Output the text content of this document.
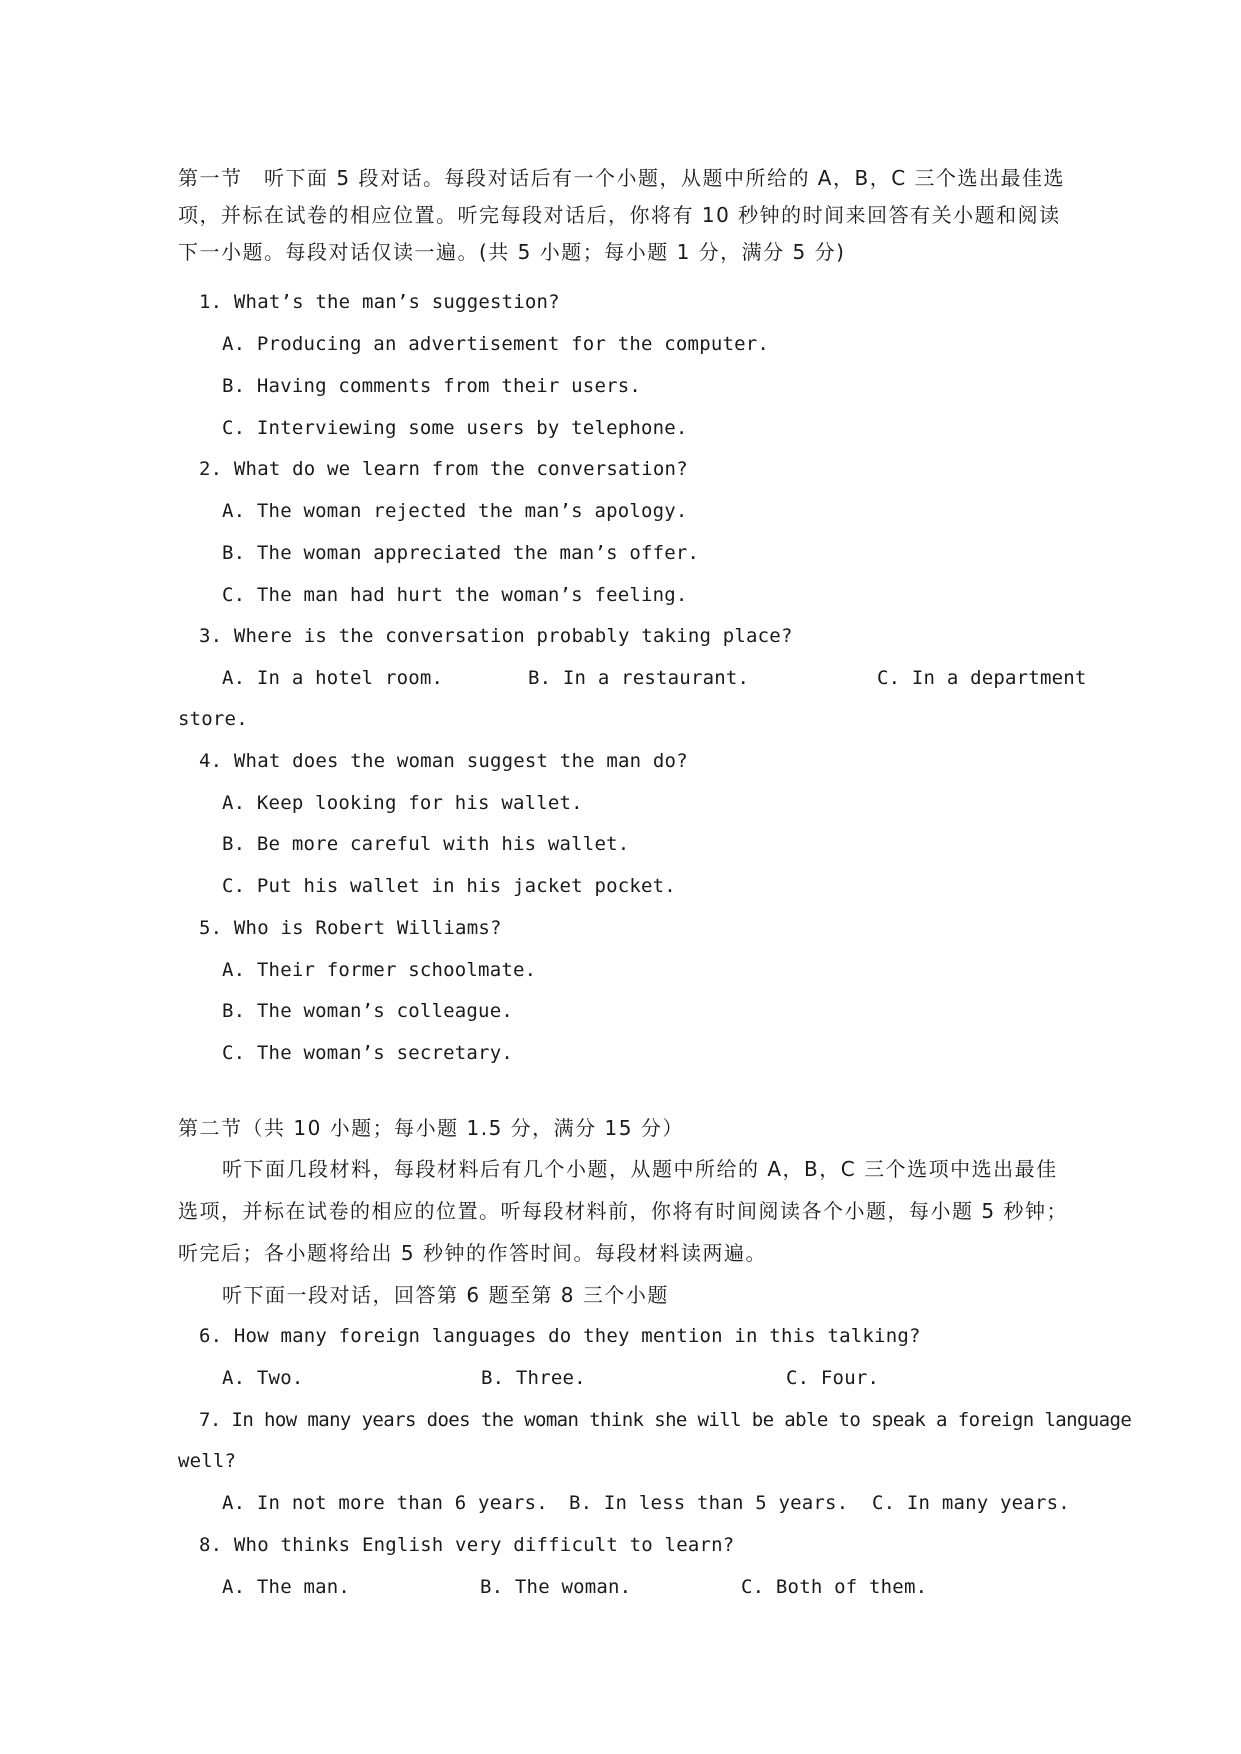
第一节　听下面 5 段对话。每段对话后有一个小题，从题中所给的 A，B，C 三个选出最佳选
项，并标在试卷的相应位置。听完每段对话后，你将有 10 秒钟的时间来回答有关小题和阅读
下一小题。每段对话仅读一遍。(共 5 小题；每小题 1 分，满分 5 分)
1. What’s the man’s suggestion?
A. Producing an advertisement for the computer.
B. Having comments from their users.
C. Interviewing some users by telephone.
2. What do we learn from the conversation?
A. The woman rejected the man’s apology.
B. The woman appreciated the man’s offer.
C. The man had hurt the woman’s feeling.
3. Where is the conversation probably taking place?
A. In a hotel room.	B. In a restaurant.	C. In a department
store.
4. What does the woman suggest the man do?
A. Keep looking for his wallet.
B. Be more careful with his wallet.
C. Put his wallet in his jacket pocket.
5. Who is Robert Williams?
A. Their former schoolmate.
B. The woman’s colleague.
C. The woman’s secretary.
第二节（共 10 小题；每小题 1.5 分，满分 15 分）
听下面几段材料，每段材料后有几个小题，从题中所给的 A，B，C 三个选项中选出最佳
选项，并标在试卷的相应的位置。听每段材料前，你将有时间阅读各个小题，每小题 5 秒钟；
听完后；各小题将给出 5 秒钟的作答时间。每段材料读两遍。
听下面一段对话，回答第 6 题至第 8 三个小题
6. How many foreign languages do they mention in this talking?
A. Two.	B. Three.	C. Four.
7. In how many years does the woman think she will be able to speak a foreign language
well?
A. In not more than 6 years. B. In less than 5 years. C. In many years.
8. Who thinks English very difficult to learn?
A. The man.	B. The woman.	C. Both of them.
